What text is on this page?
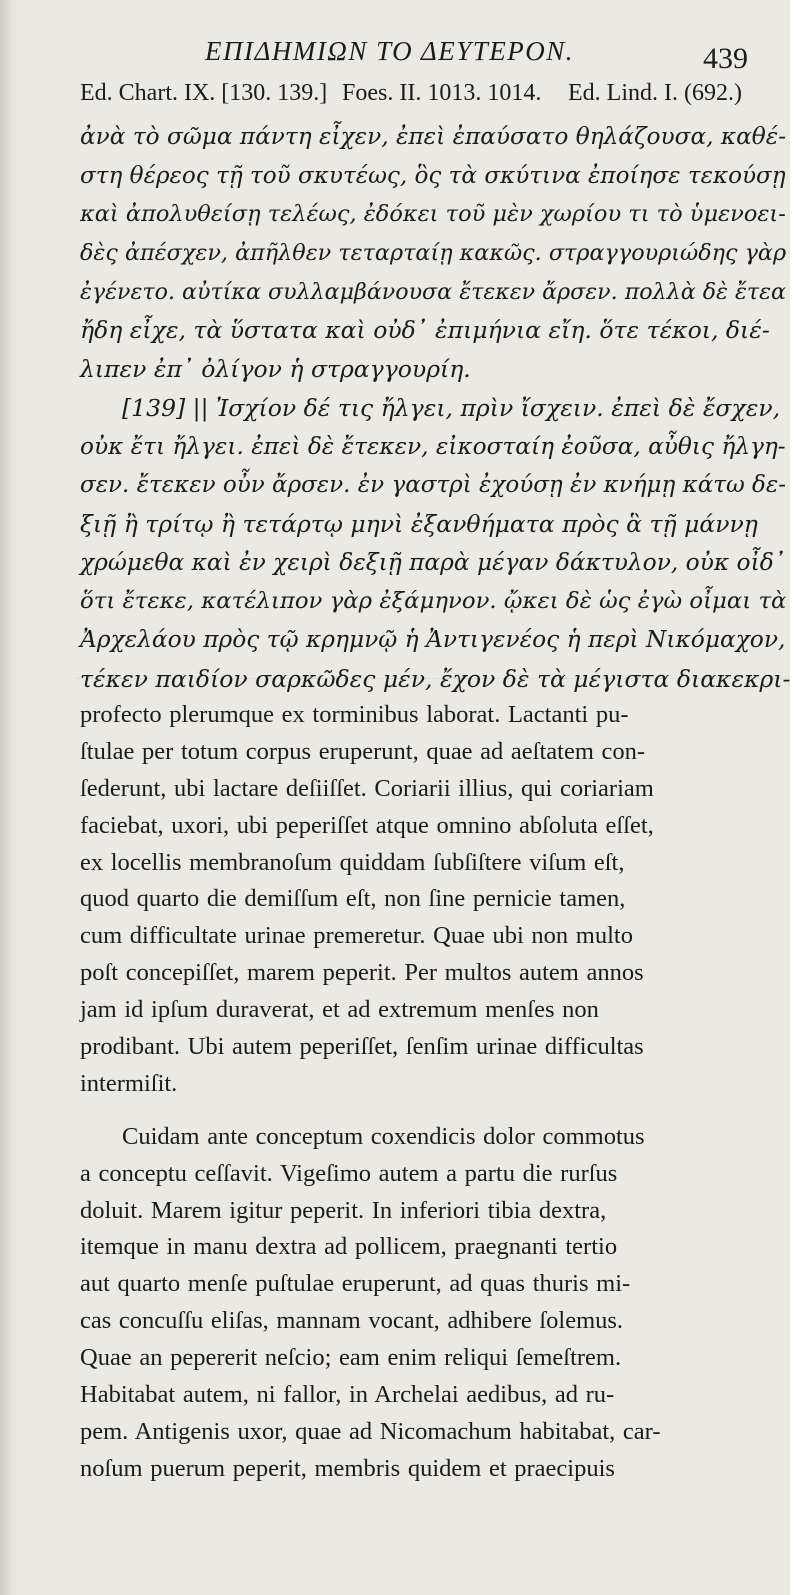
ΕΠΙΔΗΜΙΩΝ ΤΟ ΔΕΥΤΕΡΟΝ.	439
Ed. Chart. IX. [130. 139.] Foes. II. 1013. 1014. Ed. Lind. I. (692.)
ἀνὰ τὸ σῶμα πάντη εἶχεν, ἐπεὶ ἐπαύσατο θηλάζουσα, καθέ-
στη θέρεος τῇ τοῦ σκυτέως, ὃς τὰ σκύτινα ἐποίησε τεκούσῃ
καὶ ἀπολυθείσῃ τελέως, ἐδόκει τοῦ μὲν χωρίου τι τὸ ὑμενοει-
δὲς ἀπέσχεν, ἀπῆλθεν τεταρταίῃ κακῶς. στραγγουριώδης γὰρ
ἐγένετο. αὐτίκα συλλαμβάνουσα ἔτεκεν ἄρσεν. πολλὰ δὲ ἔτεα
ἤδη εἶχε, τὰ ὕστατα καὶ οὐδ᾽ ἐπιμήνια εἴη. ὅτε τέκοι, διέ-
λιπεν ἐπ᾽ ὀλίγον ἡ στραγγουρίη.
[139] || Ἰσχίον δέ τις ἤλγει, πρὶν ἴσχειν. ἐπεὶ δὲ ἔσχεν,
οὐκ ἔτι ἤλγει. ἐπεὶ δὲ ἔτεκεν, εἰκοσταίη ἐοῦσα, αὖθις ἤλγη-
σεν. ἔτεκεν οὖν ἄρσεν. ἐν γαστρὶ ἐχούσῃ ἐν κνήμῃ κάτω δε-
ξιῇ ἢ τρίτῳ ἢ τετάρτῳ μηνὶ ἐξανθήματα πρὸς ἃ τῇ μάννῃ
χρώμεθα καὶ ἐν χειρὶ δεξιῇ παρὰ μέγαν δάκτυλον, οὐκ οἶδ᾽
ὅτι ἔτεκε, κατέλιπον γὰρ ἐξάμηνον. ᾤκει δὲ ὡς ἐγὼ οἶμαι τὰ
Ἀρχελάου πρὸς τῷ κρημνῷ ἡ Ἀντιγενέος ἡ περὶ Νικόμαχον,
τέκεν παιδίον σαρκῶδες μέν, ἔχον δὲ τὰ μέγιστα διακεκρι-
profecto plerumque ex torminibus laborat. Lactanti pu-
ſtulae per totum corpus eruperunt, quae ad aeſtatem con-
ſederunt, ubi lactare deſiiſſet. Coriarii illius, qui coriariam
faciebat, uxori, ubi peperiſſet atque omnino abſoluta eſſet,
ex locellis membranoſum quiddam ſubſiſtere viſum eſt,
quod quarto die demiſſum eſt, non ſine pernicie tamen,
cum difficultate urinae premeretur. Quae ubi non multo
poſt concepiſſet, marem peperit. Per multos autem annos
jam id ipſum duraverat, et ad extremum menſes non
prodibant. Ubi autem peperiſſet, ſenſim urinae difficultas
intermiſit.
Cuidam ante conceptum coxendicis dolor commotus
a conceptu ceſſavit. Vigeſimo autem a partu die rurſus
doluit. Marem igitur peperit. In inferiori tibia dextra,
itemque in manu dextra ad pollicem, praegnanti tertio
aut quarto menſe puſtulae eruperunt, ad quas thuris mi-
cas concuſſu eliſas, mannam vocant, adhibere ſolemus.
Quae an pepererit neſcio; eam enim reliqui ſemeſtrem.
Habitabat autem, ni fallor, in Archelai aedibus, ad ru-
pem. Antigenis uxor, quae ad Nicomachum habitabat, car-
noſum puerum peperit, membris quidem et praecipuis
